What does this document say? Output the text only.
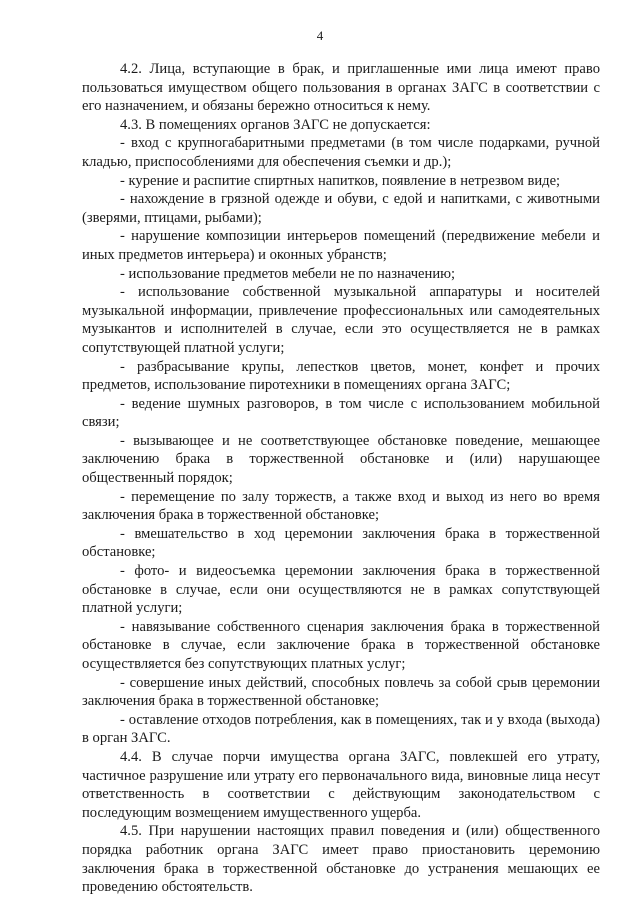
4

4.2. Лица, вступающие в брак, и приглашенные ими лица имеют право пользоваться имуществом общего пользования в органах ЗАГС в соответствии с его назначением, и обязаны бережно относиться к нему.

4.3. В помещениях органов ЗАГС не допускается:

- вход с крупногабаритными предметами (в том числе подарками, ручной кладью, приспособлениями для обеспечения съемки и др.);

- курение и распитие спиртных напитков, появление в нетрезвом виде;

- нахождение в грязной одежде и обуви, с едой и напитками, с животными (зверями, птицами, рыбами);

- нарушение композиции интерьеров помещений (передвижение мебели и иных предметов интерьера) и оконных убранств;

- использование предметов мебели не по назначению;

- использование собственной музыкальной аппаратуры и носителей музыкальной информации, привлечение профессиональных или самодеятельных музыкантов и исполнителей в случае, если это осуществляется не в рамках сопутствующей платной услуги;

- разбрасывание крупы, лепестков цветов, монет, конфет и прочих предметов, использование пиротехники в помещениях органа ЗАГС;

- ведение шумных разговоров, в том числе с использованием мобильной связи;

- вызывающее и не соответствующее обстановке поведение, мешающее заключению брака в торжественной обстановке и (или) нарушающее общественный порядок;

- перемещение по залу торжеств, а также вход и выход из него во время заключения брака в торжественной обстановке;

- вмешательство в ход церемонии заключения брака в торжественной обстановке;

- фото- и видеосъемка церемонии заключения брака в торжественной обстановке в случае, если они осуществляются не в рамках сопутствующей платной услуги;

- навязывание собственного сценария заключения брака в торжественной обстановке в случае, если заключение брака в торжественной обстановке осуществляется без сопутствующих платных услуг;

- совершение иных действий, способных повлечь за собой срыв церемонии заключения брака в торжественной обстановке;

- оставление отходов потребления, как в помещениях, так и у входа (выхода) в орган ЗАГС.

4.4. В случае порчи имущества органа ЗАГС, повлекшей его утрату, частичное разрушение или утрату его первоначального вида, виновные лица несут ответственность в соответствии с действующим законодательством с последующим возмещением имущественного ущерба.

4.5. При нарушении настоящих правил поведения и (или) общественного порядка работник органа ЗАГС имеет право приостановить церемонию заключения брака в торжественной обстановке до устранения мешающих ее проведению обстоятельств.
